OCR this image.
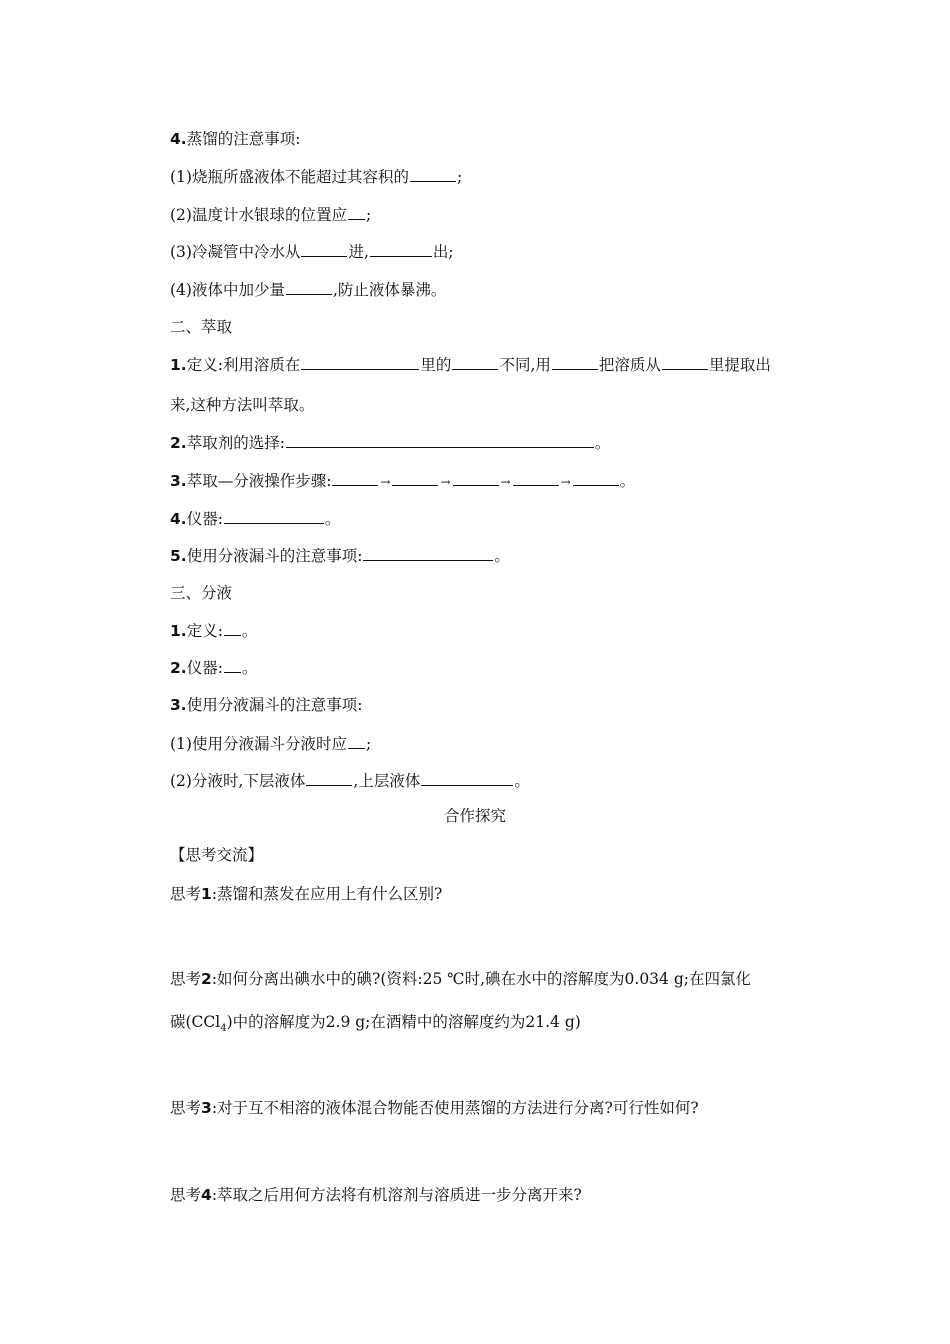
4.蒸馏的注意事项:
(1)烧瓶所盛液体不能超过其容积的	;
(2)温度计水银球的位置应 ;
(3)冷凝管中冷水从	进,	出;
(4)液体中加少量	,防止液体暴沸。
二、萃取
1.定义:利用溶质在	里的	不同,用	把溶质从	里提取出
来,这种方法叫萃取。
2.萃取剂的选择:	。
3.萃取—分液操作步骤:	→	→	→	→	。
4.仪器:	。
5.使用分液漏斗的注意事项:	。
三、分液
1.定义: 。
2.仪器: 。
3.使用分液漏斗的注意事项:
(1)使用分液漏斗分液时应 ;
(2)分液时,下层液体	,上层液体	。
合作探究
【思考交流】
思考1:蒸馏和蒸发在应用上有什么区别?
思考2:如何分离出碘水中的碘?(资料:25 ℃时,碘在水中的溶解度为0.034 g;在四氯化
碳(CCl$_4$)中的溶解度为2.9 g;在酒精中的溶解度约为21.4 g)
思考3:对于互不相溶的液体混合物能否使用蒸馏的方法进行分离?可行性如何?
思考4:萃取之后用何方法将有机溶剂与溶质进一步分离开来?
